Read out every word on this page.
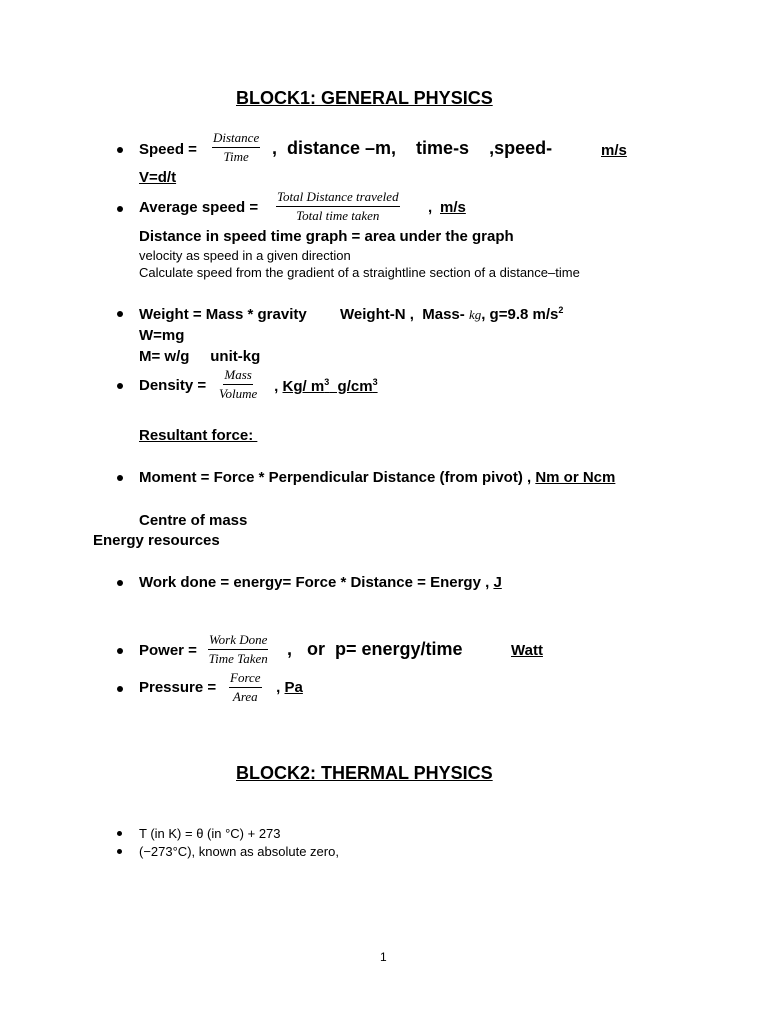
BLOCK1: GENERAL PHYSICS
Speed =
Distance
Time ,  distance –m,    time-s    ,speed-	m/s
V=d/t
Average speed =
Total Distance traveled
Total time taken	, m/s
Distance in speed time graph = area under the graph
velocity as speed in a given direction
Calculate speed from the gradient of a straightline section of a distance–time
Weight = Mass * gravity        Weight-N ,  Mass- kg, g=9.8 $m/s^2$
W=mg
M= w/g     unit-kg
Density =
Mass
Volume , Kg/ $m^3$  $g/cm^3$
Resultant force:
Moment = Force * Perpendicular Distance (from pivot) , Nm or Ncm
Centre of mass
Energy resources
Work done = energy= Force * Distance = Energy , J
Power =
Work Done
Time Taken ,   or  p= energy/time	Watt
Pressure =
Force
Area
, Pa
BLOCK2: THERMAL PHYSICS
T (in K) = θ (in °C) + 273
(−273°C), known as absolute zero,
1
